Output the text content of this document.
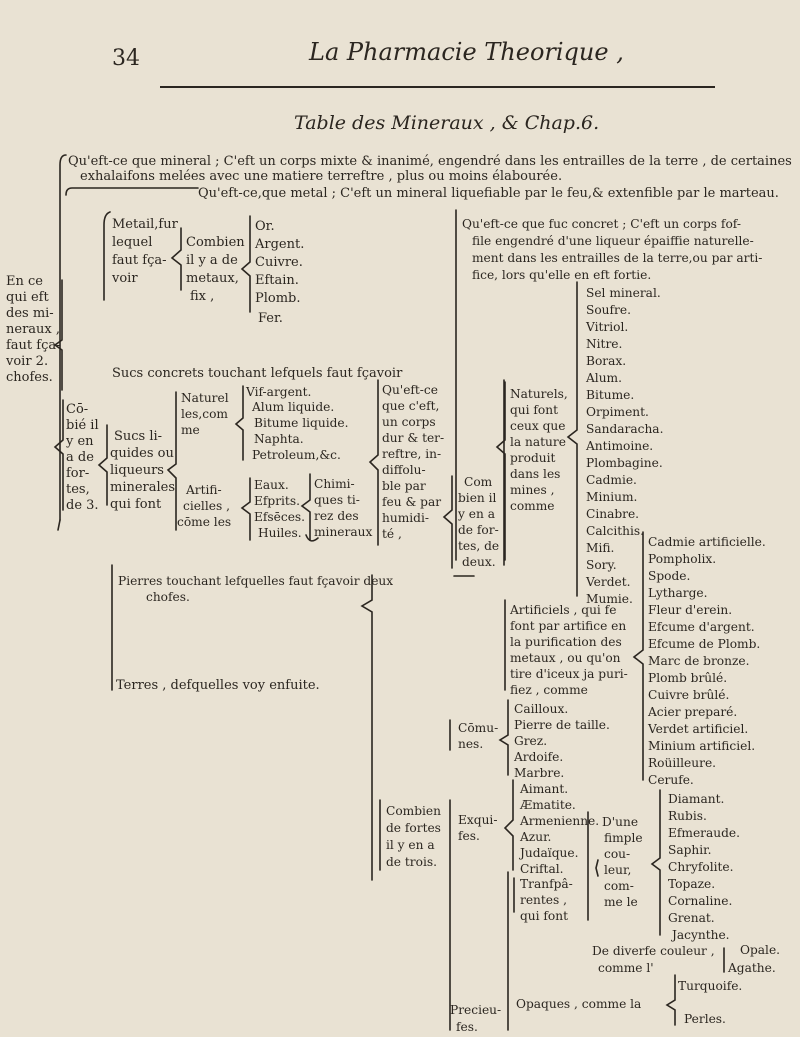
34	La Pharmacie Theorique ,
Table des Mineraux , & Chap.6.
Qu'eft-ce que mineral ; C'eft un corps mixte & inanimé, engendré dans les entrailles de la terre , de certaines
exhalaifons melées avec une matiere terreftre , plus ou moins élabourée.
Qu'eft-ce,que metal ; C'eft un mineral liquefiable par le feu,& extenfible par le marteau.
En ce
qui eft
des mi-
neraux ,
faut fça-
voir 2.
chofes.
Cō-
bié il
y en
a de
for-
tes,
de 3.
Metail,fur
lequel
faut fça-
voir
Combien
il y a de
metaux,
fix ,
Or.
Argent.
Cuivre.
Eftain.
Plomb.
Fer.
Qu'eft-ce que fuc concret ; C'eft un corps fof-
file engendré d'une liqueur épaiffie naturelle-
ment dans les entrailles de la terre,ou par arti-
fice, lors qu'elle en eft fortie.
Sucs concrets touchant lefquels faut fçavoir
Sucs li-
quides ou
liqueurs
minerales
qui font
Naturel
les,com
me
Vif-argent.
Alum liquide.
Bitume liquide.
Naphta.
Petroleum,&c.
Artifi-
cielles ,
cōme les
Eaux.
Efprits.
Efsēces.
Huiles.
Chimi-
ques ti-
rez des
mineraux
Qu'eft-ce
que c'eft,
un corps
dur & ter-
reftre, in-
diffolu-
ble par
feu & par
humidi-
té ,
Com
bien il
y en a
de for-
tes, de
deux.
Naturels,
qui font
ceux que
la nature
produit
dans les
mines ,
comme
Sel mineral.
Soufre.
Vitriol.
Nitre.
Borax.
Alum.
Bitume.
Orpiment.
Sandaracha.
Antimoine.
Plombagine.
Cadmie.
Minium.
Cinabre.
Calcithis.
Mifi.
Sory.
Verdet.
Mumie.
Artificiels , qui fe
font par artifice en
la purification des
metaux , ou qu'on
tire d'iceux ja puri-
fiez , comme
Cadmie artificielle.
Pompholix.
Spode.
Lytharge.
Fleur d'erein.
Efcume d'argent.
Efcume de Plomb.
Marc de bronze.
Plomb brûlé.
Cuivre brûlé.
Acier preparé.
Verdet artificiel.
Minium artificiel.
Roüilleure.
Cerufe.
Pierres touchant lefquelles faut fçavoir deux
chofes.
Terres , defquelles voy enfuite.
Combien
de fortes
il y en a
de trois.
Cōmu-
nes.
Cailloux.
Pierre de taille.
Grez.
Ardoife.
Marbre.
Exqui-
fes.
Aimant.
Æmatite.
Armenienne.
Azur.
Judaïque.
Criftal.
Precieu-
fes.
Tranfpâ-
rentes ,
qui font
D'une
fimple
cou-
leur,
com-
me le
Diamant.
Rubis.
Efmeraude.
Saphir.
Chryfolite.
Topaze.
Cornaline.
Grenat.
Jacynthe.
De diverfe couleur ,
comme l'
Opale.
Agathe.
Opaques , comme la
Turquoife.
Perles.
